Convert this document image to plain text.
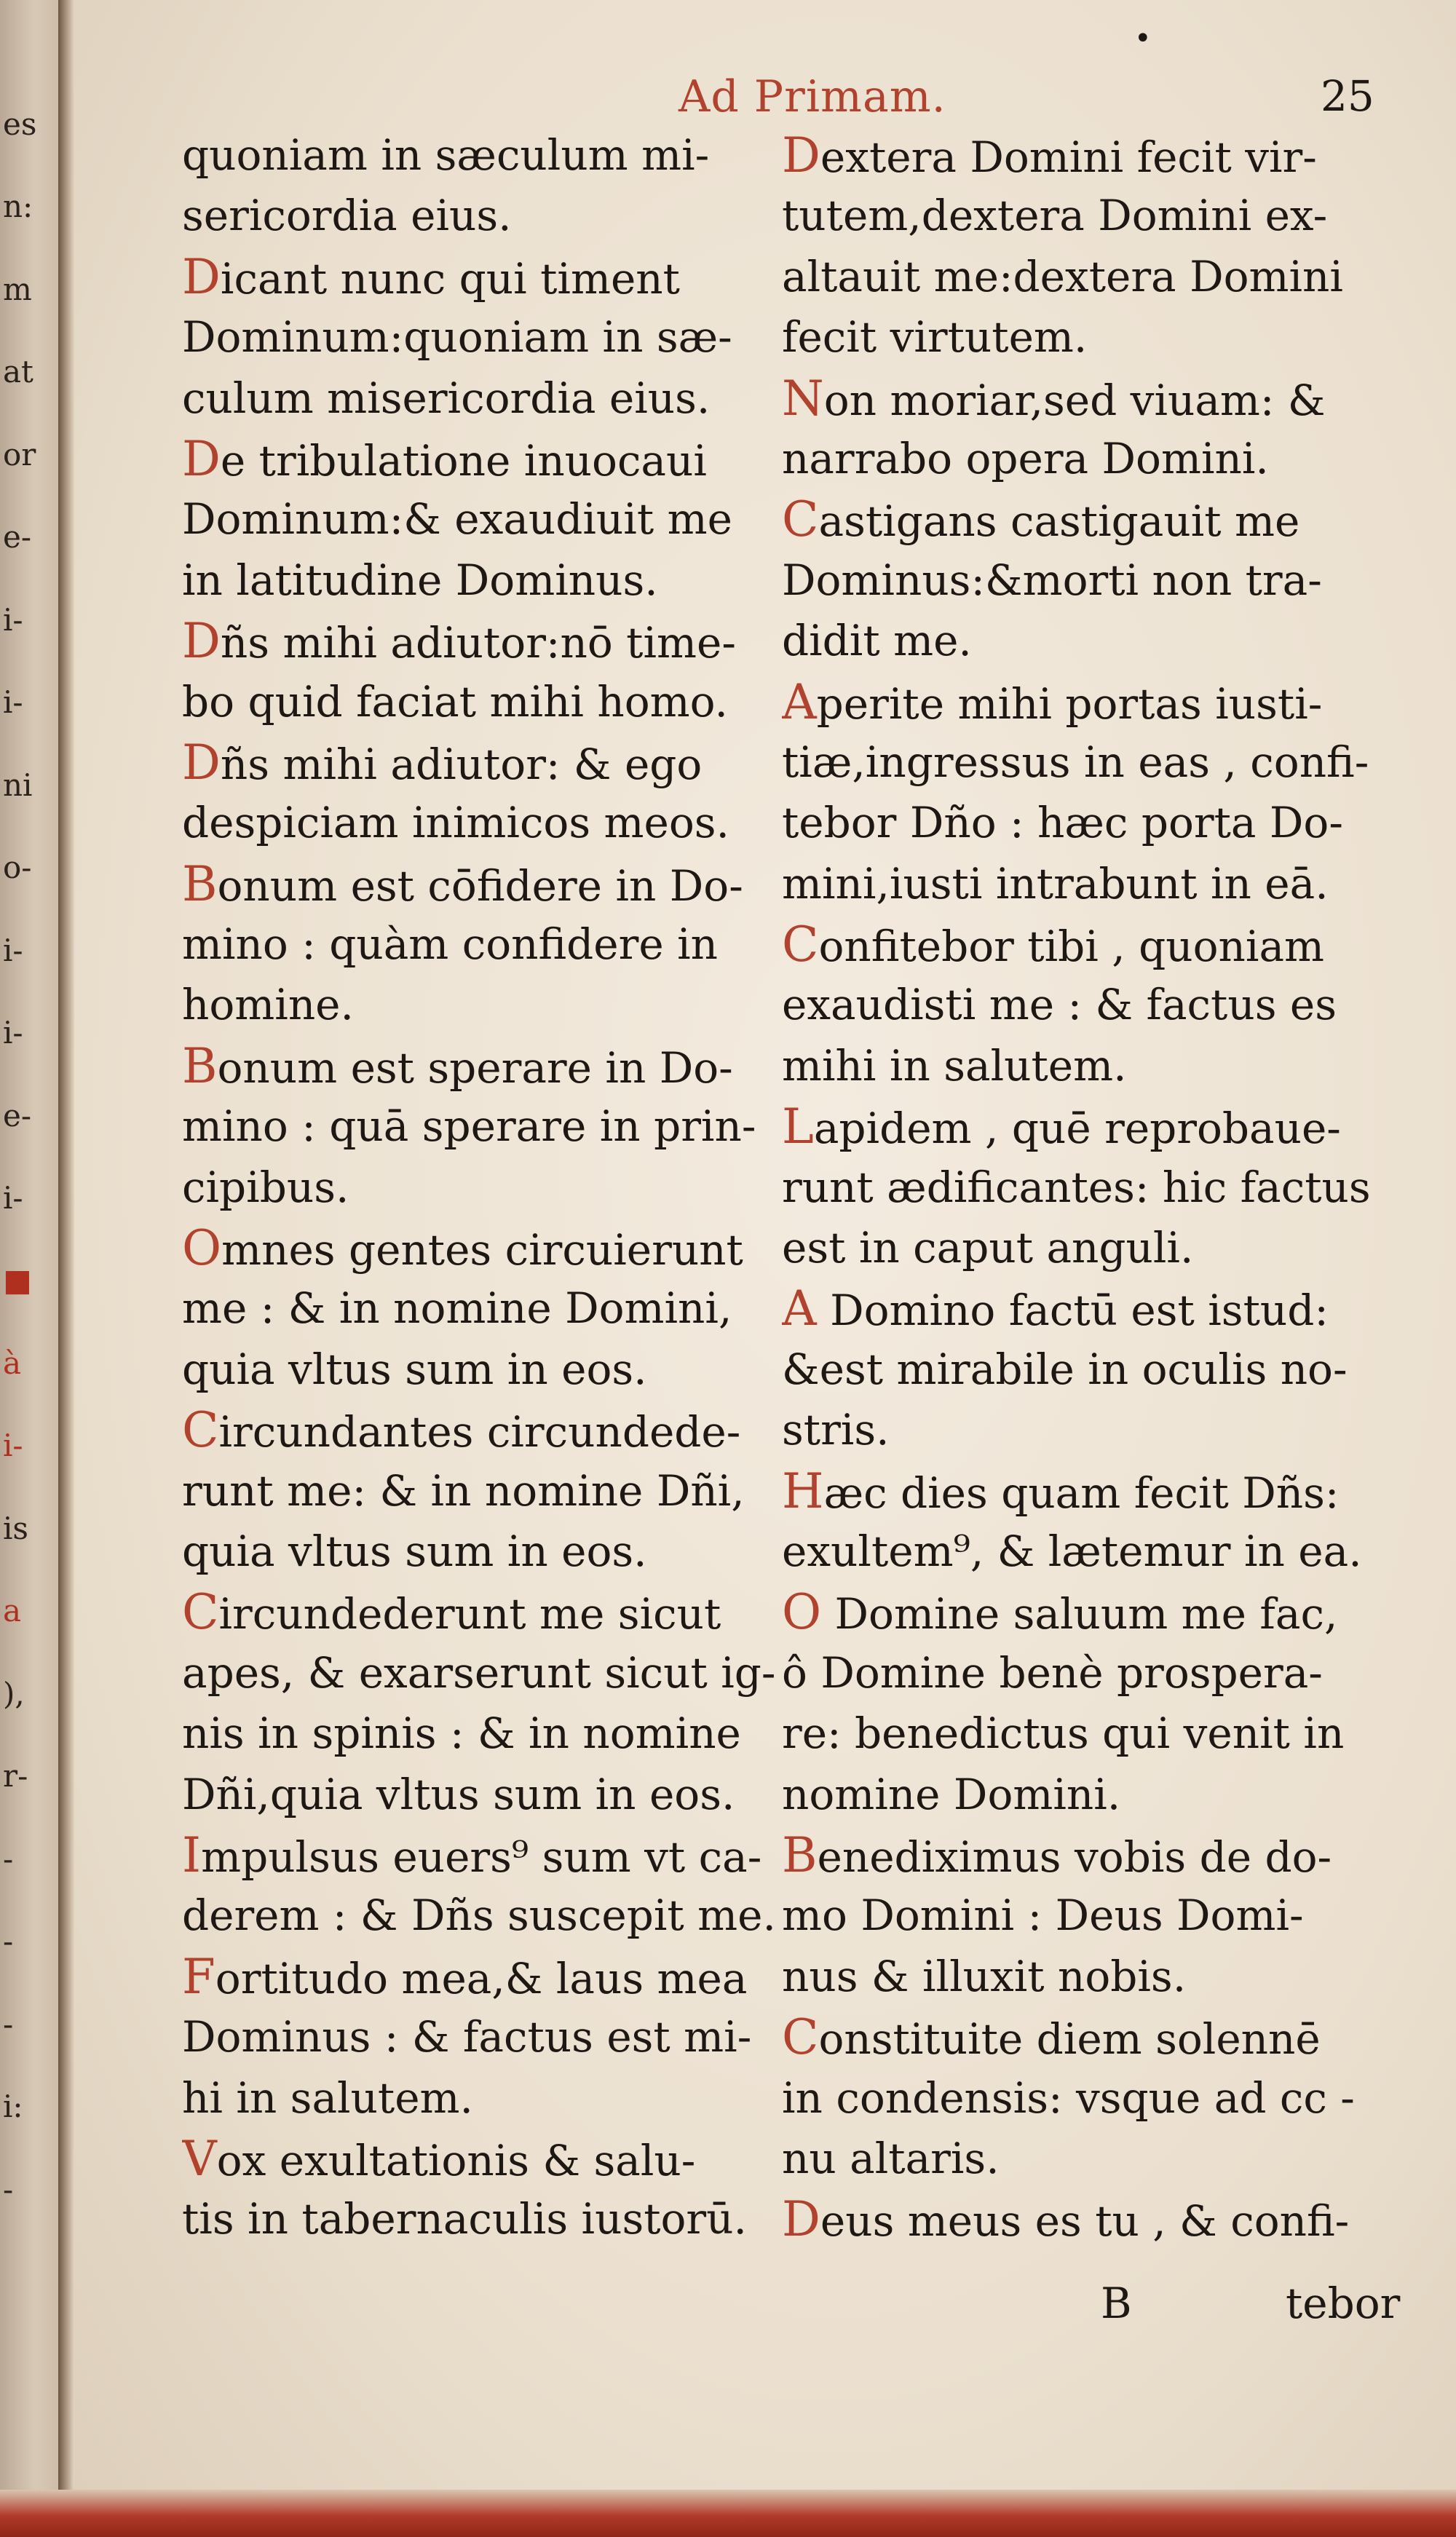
es
n:
m
at
or
e-
i-
i-
ni
o-
i-
i-
e-
i-
■
à
i-
is
a
),
r-
-
-
-
i:
-
•
Ad Primam.	25
quoniam in sæculum mi-
sericordia eius.
Dicant nunc qui timent
Dominum:quoniam in sæ-
culum misericordia eius.
De tribulatione inuocaui
Dominum:& exaudiuit me
in latitudine Dominus.
Dñs mihi adiutor:nō time-
bo quid faciat mihi homo.
Dñs mihi adiutor: & ego
despiciam inimicos meos.
Bonum est cōfidere in Do-
mino : quàm confidere in
homine.
Bonum est sperare in Do-
mino : quā sperare in prin-
cipibus.
Omnes gentes circuierunt
me : & in nomine Domini,
quia vltus sum in eos.
Circundantes circundede-
runt me: & in nomine Dñi,
quia vltus sum in eos.
Circundederunt me sicut
apes, & exarserunt sicut ig-
nis in spinis : & in nomine
Dñi,quia vltus sum in eos.
Impulsus euers⁹ sum vt ca-
derem : & Dñs suscepit me.
Fortitudo mea,& laus mea
Dominus : & factus est mi-
hi in salutem.
Vox exultationis & salu-
tis in tabernaculis iustorū.
Dextera Domini fecit vir-
tutem,dextera Domini ex-
altauit me:dextera Domini
fecit virtutem.
Non moriar,sed viuam: &
narrabo opera Domini.
Castigans castigauit me
Dominus:&morti non tra-
didit me.
Aperite mihi portas iusti-
tiæ,ingressus in eas , confi-
tebor Dño : hæc porta Do-
mini,iusti intrabunt in eā.
Confitebor tibi , quoniam
exaudisti me : & factus es
mihi in salutem.
Lapidem , quē reprobaue-
runt ædificantes: hic factus
est in caput anguli.
A Domino factū est istud:
&est mirabile in oculis no-
stris.
Hæc dies quam fecit Dñs:
exultem⁹, & lætemur in ea.
O Domine saluum me fac,
ô Domine benè prospera-
re: benedictus qui venit in
nomine Domini.
Benediximus vobis de do-
mo Domini : Deus Domi-
nus & illuxit nobis.
Constituite diem solennē
in condensis: vsque ad cc -
nu altaris.
Deus meus es tu , & confi-
B	tebor
